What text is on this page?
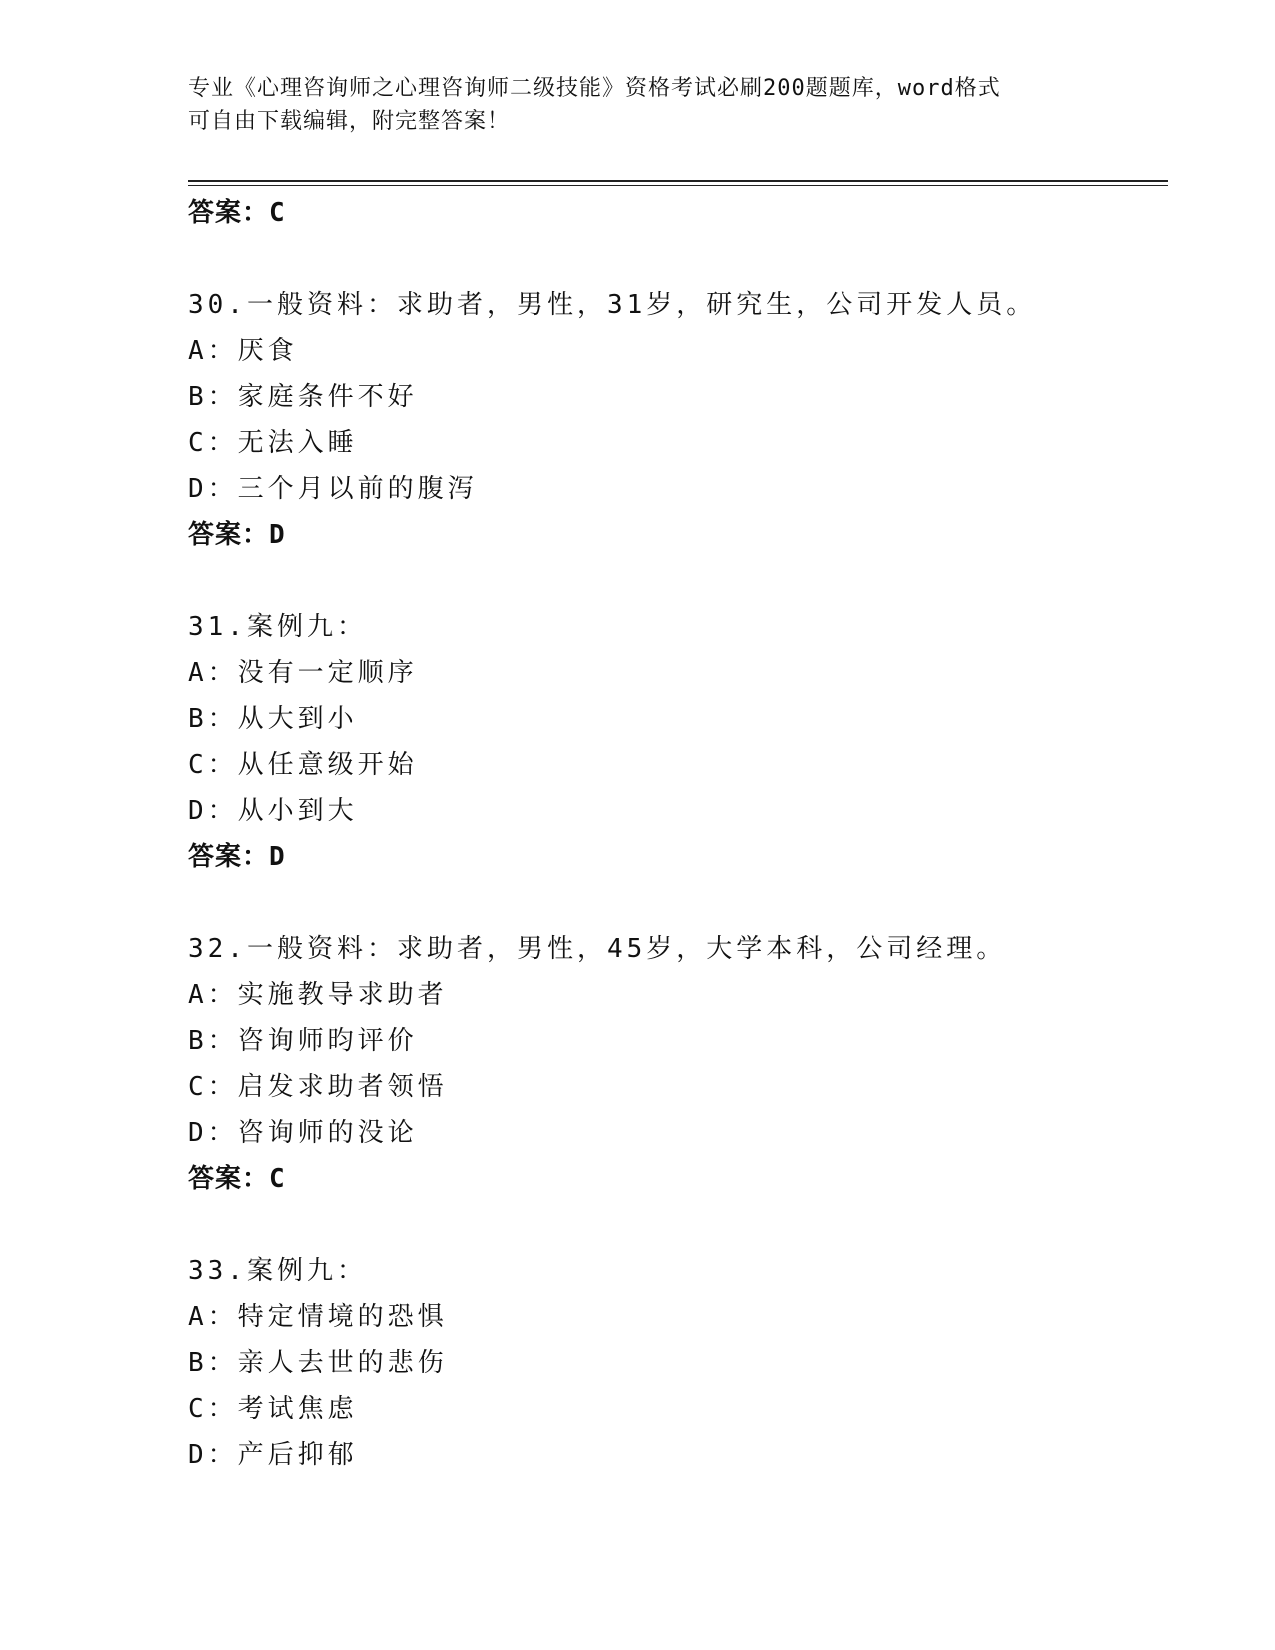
专业《心理咨询师之心理咨询师二级技能》资格考试必刷200题题库，word格式
可自由下载编辑，附完整答案！
答案：C
30.一般资料：求助者，男性，31岁，研究生，公司开发人员。
A：厌食
B：家庭条件不好
C：无法入睡
D：三个月以前的腹泻
答案：D
31.案例九：
A：没有一定顺序
B：从大到小
C：从任意级开始
D：从小到大
答案：D
32.一般资料：求助者，男性，45岁，大学本科，公司经理。
A：实施教导求助者
B：咨询师昀评价
C：启发求助者领悟
D：咨询师的没论
答案：C
33.案例九：
A：特定情境的恐惧
B：亲人去世的悲伤
C：考试焦虑
D：产后抑郁
